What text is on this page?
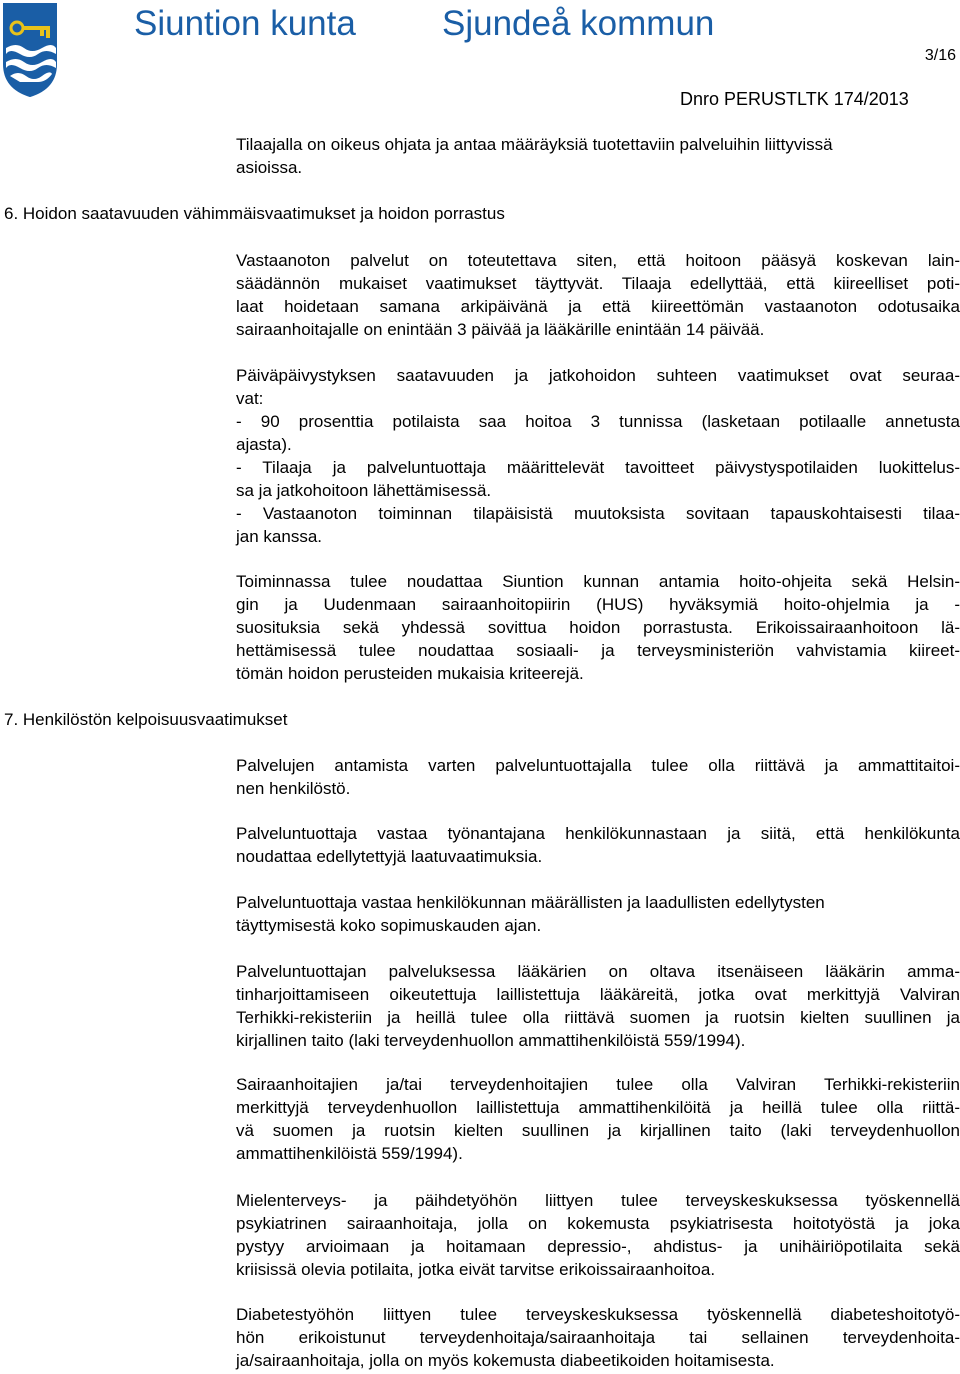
Siuntion kunta Sjundeå kommun
3/16
Dnro PERUSTLTK 174/2013
Tilaajalla on oikeus ohjata ja antaa määräyksiä tuotettaviin palveluihin liittyvissä
asioissa.
6. Hoidon saatavuuden vähimmäisvaatimukset ja hoidon porrastus
Vastaanoton palvelut on toteutettava siten, että hoitoon pääsyä koskevan lain-
säädännön mukaiset vaatimukset täyttyvät. Tilaaja edellyttää, että kiireelliset poti-
laat hoidetaan samana arkipäivänä ja että kiireettömän vastaanoton odotusaika
sairaanhoitajalle on enintään 3 päivää ja lääkärille enintään 14 päivää.
Päiväpäivystyksen saatavuuden ja jatkohoidon suhteen vaatimukset ovat seuraa-
vat:
- 90 prosenttia potilaista saa hoitoa 3 tunnissa (lasketaan potilaalle annetusta
ajasta).
- Tilaaja ja palveluntuottaja määrittelevät tavoitteet päivystyspotilaiden luokittelus-
sa ja jatkohoitoon lähettämisessä.
- Vastaanoton toiminnan tilapäisistä muutoksista sovitaan tapauskohtaisesti tilaa-
jan kanssa.
Toiminnassa tulee noudattaa Siuntion kunnan antamia hoito-ohjeita sekä Helsin-
gin ja Uudenmaan sairaanhoitopiirin (HUS) hyväksymiä hoito-ohjelmia ja -
suosituksia sekä yhdessä sovittua hoidon porrastusta. Erikoissairaanhoitoon lä-
hettämisessä tulee noudattaa sosiaali- ja terveysministeriön vahvistamia kiireet-
tömän hoidon perusteiden mukaisia kriteerejä.
7. Henkilöstön kelpoisuusvaatimukset
Palvelujen antamista varten palveluntuottajalla tulee olla riittävä ja ammattitaitoi-
nen henkilöstö.
Palveluntuottaja vastaa työnantajana henkilökunnastaan ja siitä, että henkilökunta
noudattaa edellytettyjä laatuvaatimuksia.
Palveluntuottaja vastaa henkilökunnan määrällisten ja laadullisten edellytysten
täyttymisestä koko sopimuskauden ajan.
Palveluntuottajan palveluksessa lääkärien on oltava itsenäiseen lääkärin amma-
tinharjoittamiseen oikeutettuja laillistettuja lääkäreitä, jotka ovat merkittyjä Valviran
Terhikki-rekisteriin ja heillä tulee olla riittävä suomen ja ruotsin kielten suullinen ja
kirjallinen taito (laki terveydenhuollon ammattihenkilöistä 559/1994).
Sairaanhoitajien ja/tai terveydenhoitajien tulee olla Valviran Terhikki-rekisteriin
merkittyjä terveydenhuollon laillistettuja ammattihenkilöitä ja heillä tulee olla riittä-
vä suomen ja ruotsin kielten suullinen ja kirjallinen taito (laki terveydenhuollon
ammattihenkilöistä 559/1994).
Mielenterveys- ja päihdetyöhön liittyen tulee terveyskeskuksessa työskennellä
psykiatrinen sairaanhoitaja, jolla on kokemusta psykiatrisesta hoitotyöstä ja joka
pystyy arvioimaan ja hoitamaan depressio-, ahdistus- ja unihäiriöpotilaita sekä
kriisissä olevia potilaita, jotka eivät tarvitse erikoissairaanhoitoa.
Diabetestyöhön liittyen tulee terveyskeskuksessa työskennellä diabeteshoitotyö-
hön erikoistunut terveydenhoitaja/sairaanhoitaja tai sellainen terveydenhoita-
ja/sairaanhoitaja, jolla on myös kokemusta diabeetikoiden hoitamisesta.
